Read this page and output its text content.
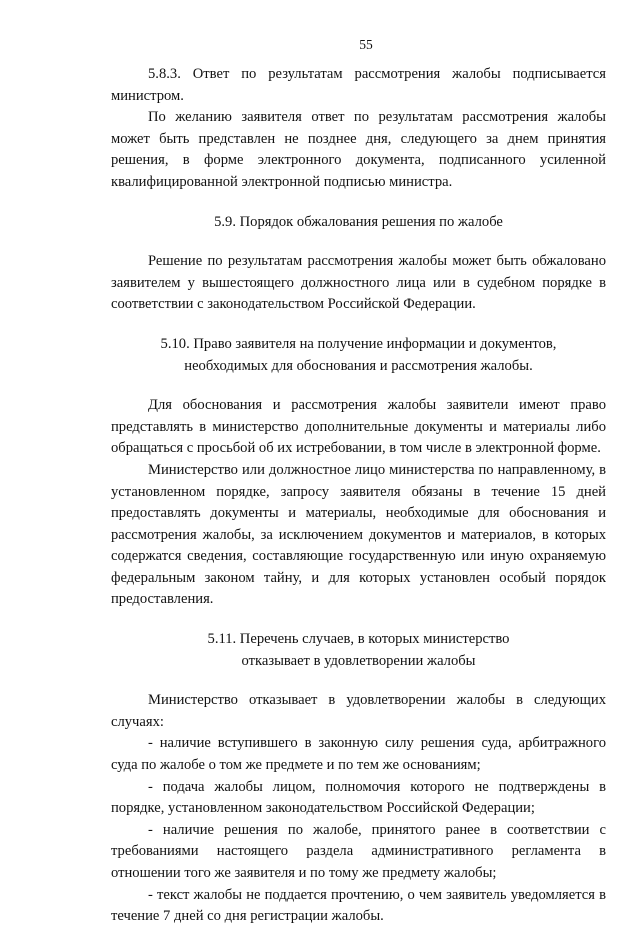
55

5.8.3. Ответ по результатам рассмотрения жалобы подписывается министром.

По желанию заявителя ответ по результатам рассмотрения жалобы может быть представлен не позднее дня, следующего за днем принятия решения, в форме электронного документа, подписанного усиленной квалифицированной электронной подписью министра.

5.9. Порядок обжалования решения по жалобе

Решение по результатам рассмотрения жалобы может быть обжаловано заявителем у вышестоящего должностного лица или в судебном порядке в соответствии с законодательством Российской Федерации.

5.10. Право заявителя на получение информации и документов,
необходимых для обоснования и рассмотрения жалобы.

Для обоснования и рассмотрения жалобы заявители имеют право представлять в министерство дополнительные документы и материалы либо обращаться с просьбой об их истребовании, в том числе в электронной форме.

Министерство или должностное лицо министерства по направленному, в установленном порядке, запросу заявителя обязаны в течение 15 дней предоставлять документы и материалы, необходимые для обоснования и рассмотрения жалобы, за исключением документов и материалов, в которых содержатся сведения, составляющие государственную или иную охраняемую федеральным законом тайну, и для которых установлен особый порядок предоставления.

5.11. Перечень случаев, в которых министерство
отказывает в удовлетворении жалобы

Министерство отказывает в удовлетворении жалобы в следующих случаях:

- наличие вступившего в законную силу решения суда, арбитражного суда по жалобе о том же предмете и по тем же основаниям;

- подача жалобы лицом, полномочия которого не подтверждены в порядке, установленном законодательством Российской Федерации;

- наличие решения по жалобе, принятого ранее в соответствии с требованиями настоящего раздела административного регламента в отношении того же заявителя и по тому же предмету жалобы;

- текст жалобы не поддается прочтению, о чем заявитель уведомляется в течение 7 дней со дня регистрации жалобы.
